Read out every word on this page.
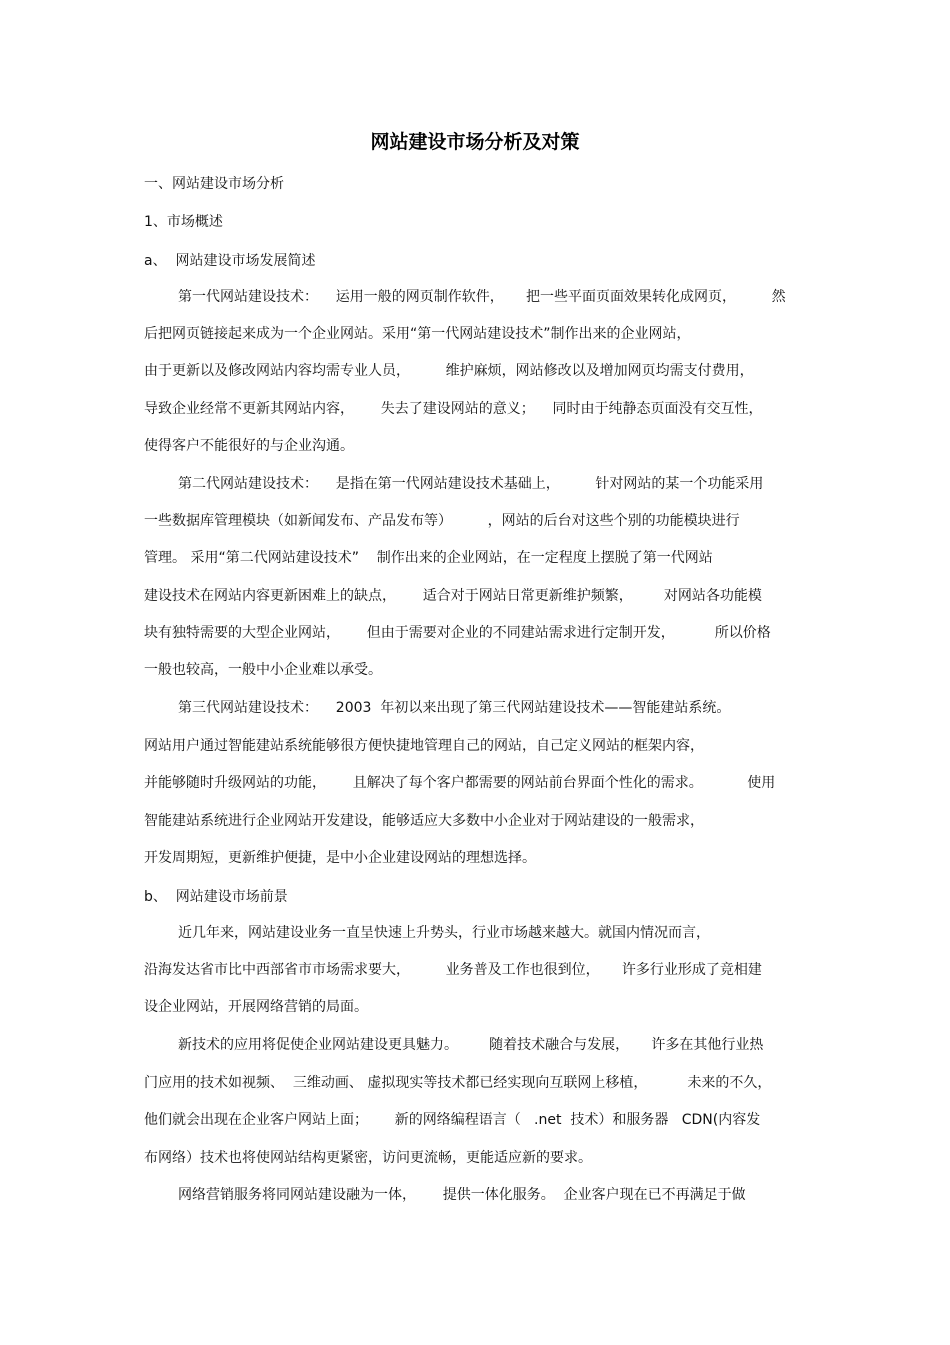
网站建设市场分析及对策

一、网站建设市场分析

1、市场概述

a、  网站建设市场发展简述

第一代网站建设技术：    运用一般的网页制作软件，     把一些平面页面效果转化成网页，        然

后把网页链接起来成为一个企业网站。采用“第一代网站建设技术”制作出来的企业网站，

由于更新以及修改网站内容均需专业人员，        维护麻烦，网站修改以及增加网页均需支付费用，

导致企业经常不更新其网站内容，      失去了建设网站的意义；    同时由于纯静态页面没有交互性，

使得客户不能很好的与企业沟通。

第二代网站建设技术：    是指在第一代网站建设技术基础上，        针对网站的某一个功能采用

一些数据库管理模块（如新闻发布、产品发布等）        ，网站的后台对这些个别的功能模块进行

管理。 采用“第二代网站建设技术”    制作出来的企业网站，在一定程度上摆脱了第一代网站

建设技术在网站内容更新困难上的缺点，      适合对于网站日常更新维护频繁，       对网站各功能模

块有独特需要的大型企业网站，      但由于需要对企业的不同建站需求进行定制开发，         所以价格

一般也较高，一般中小企业难以承受。

第三代网站建设技术：    2003  年初以来出现了第三代网站建设技术——智能建站系统。

网站用户通过智能建站系统能够很方便快捷地管理自己的网站，自己定义网站的框架内容，

并能够随时升级网站的功能，      且解决了每个客户都需要的网站前台界面个性化的需求。          使用

智能建站系统进行企业网站开发建设，能够适应大多数中小企业对于网站建设的一般需求，

开发周期短，更新维护便捷，是中小企业建设网站的理想选择。

b、  网站建设市场前景

近几年来，网站建设业务一直呈快速上升势头，行业市场越来越大。就国内情况而言，

沿海发达省市比中西部省市市场需求要大，        业务普及工作也很到位，     许多行业形成了竞相建

设企业网站，开展网络营销的局面。

新技术的应用将促使企业网站建设更具魅力。       随着技术融合与发展，     许多在其他行业热

门应用的技术如视频、  三维动画、 虚拟现实等技术都已经实现向互联网上移植，         未来的不久，

他们就会出现在企业客户网站上面；      新的网络编程语言（   .net  技术）和服务器   CDN(内容发

布网络）技术也将使网站结构更紧密，访问更流畅，更能适应新的要求。

网络营销服务将同网站建设融为一体，      提供一体化服务。  企业客户现在已不再满足于做
